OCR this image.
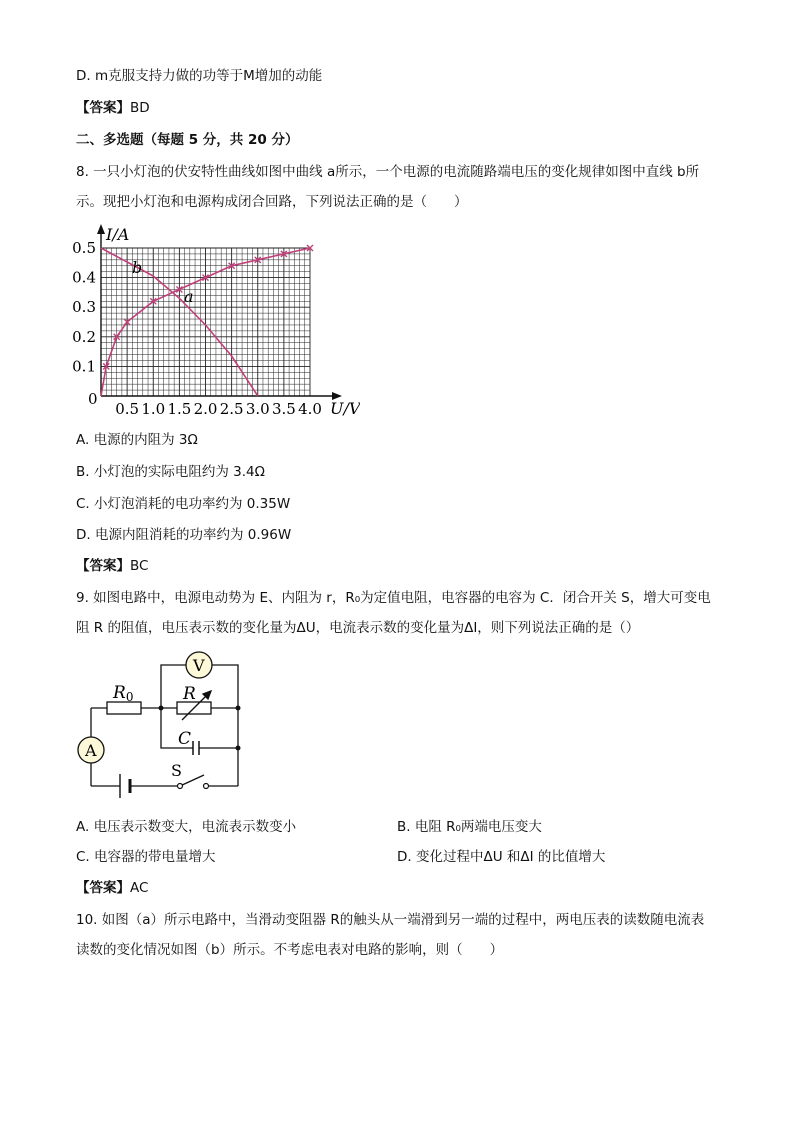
D. m克服支持力做的功等于M增加的动能
【答案】BD
二、多选题（每题 5 分，共 20 分）
8. 一只小灯泡的伏安特性曲线如图中曲线 a所示，一个电源的电流随路端电压的变化规律如图中直线 b所
示。现把小灯泡和电源构成闭合回路，下列说法正确的是（　　）
0.5 1.0 1.5 2.0 2.5 3.0 3.5 4.0
0.1
0.2
0.3
0.4
0.5
I/A
U/V
0
a
b
A. 电源的内阻为 3Ω
B. 小灯泡的实际电阻约为 3.4Ω
C. 小灯泡消耗的电功率约为 0.35W
D. 电源内阻消耗的功率约为 0.96W
【答案】BC
9. 如图电路中，电源电动势为 E、内阻为 r，R₀为定值电阻，电容器的电容为 C．闭合开关 S，增大可变电
阻 R 的阻值，电压表示数的变化量为ΔU，电流表示数的变化量为ΔI，则下列说法正确的是（）
V
A
R0	R
C
S
A. 电压表示数变大，电流表示数变小	B. 电阻 R₀两端电压变大
C. 电容器的带电量增大	D. 变化过程中ΔU 和ΔI 的比值增大
【答案】AC
10. 如图（a）所示电路中，当滑动变阻器 R的触头从一端滑到另一端的过程中，两电压表的读数随电流表
读数的变化情况如图（b）所示。不考虑电表对电路的影响，则（　　）
